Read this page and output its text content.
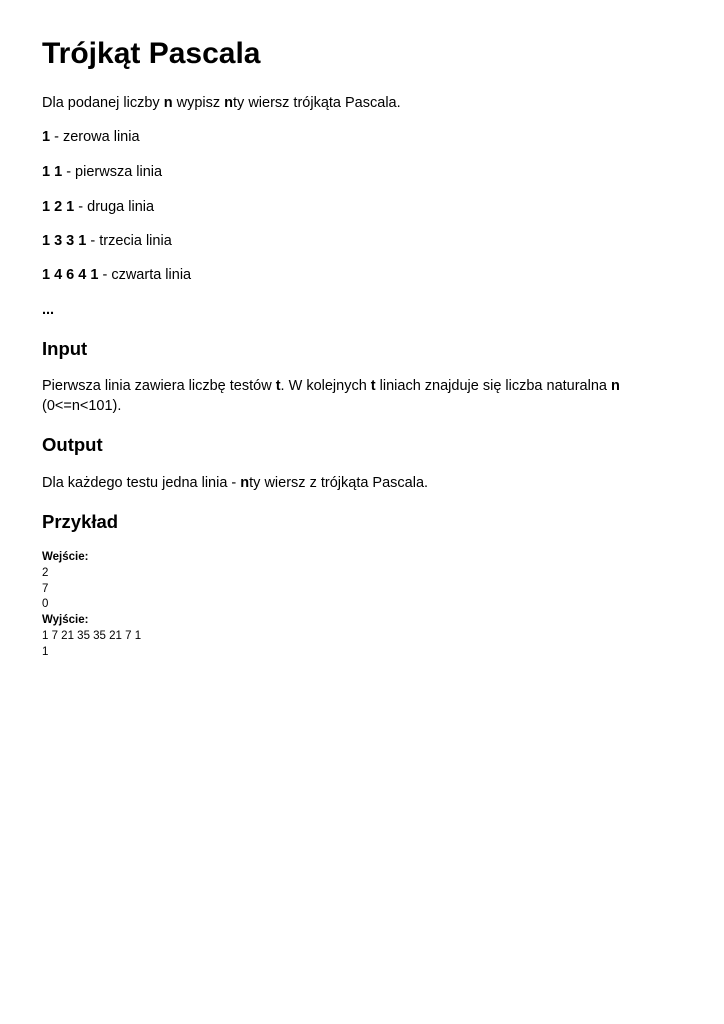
Trójkąt Pascala

Dla podanej liczby n wypisz nty wiersz trójkąta Pascala.

1 - zerowa linia

1 1 - pierwsza linia

1 2 1 - druga linia

1 3 3 1 - trzecia linia

1 4 6 4 1 - czwarta linia

...

Input

Pierwsza linia zawiera liczbę testów t. W kolejnych t liniach znajduje się liczba naturalna n (0<=n<101).

Output

Dla każdego testu jedna linia - nty wiersz z trójkąta Pascala.

Przykład
Wejście:
2
7
0
Wyjście:
1 7 21 35 35 21 7 1
1
